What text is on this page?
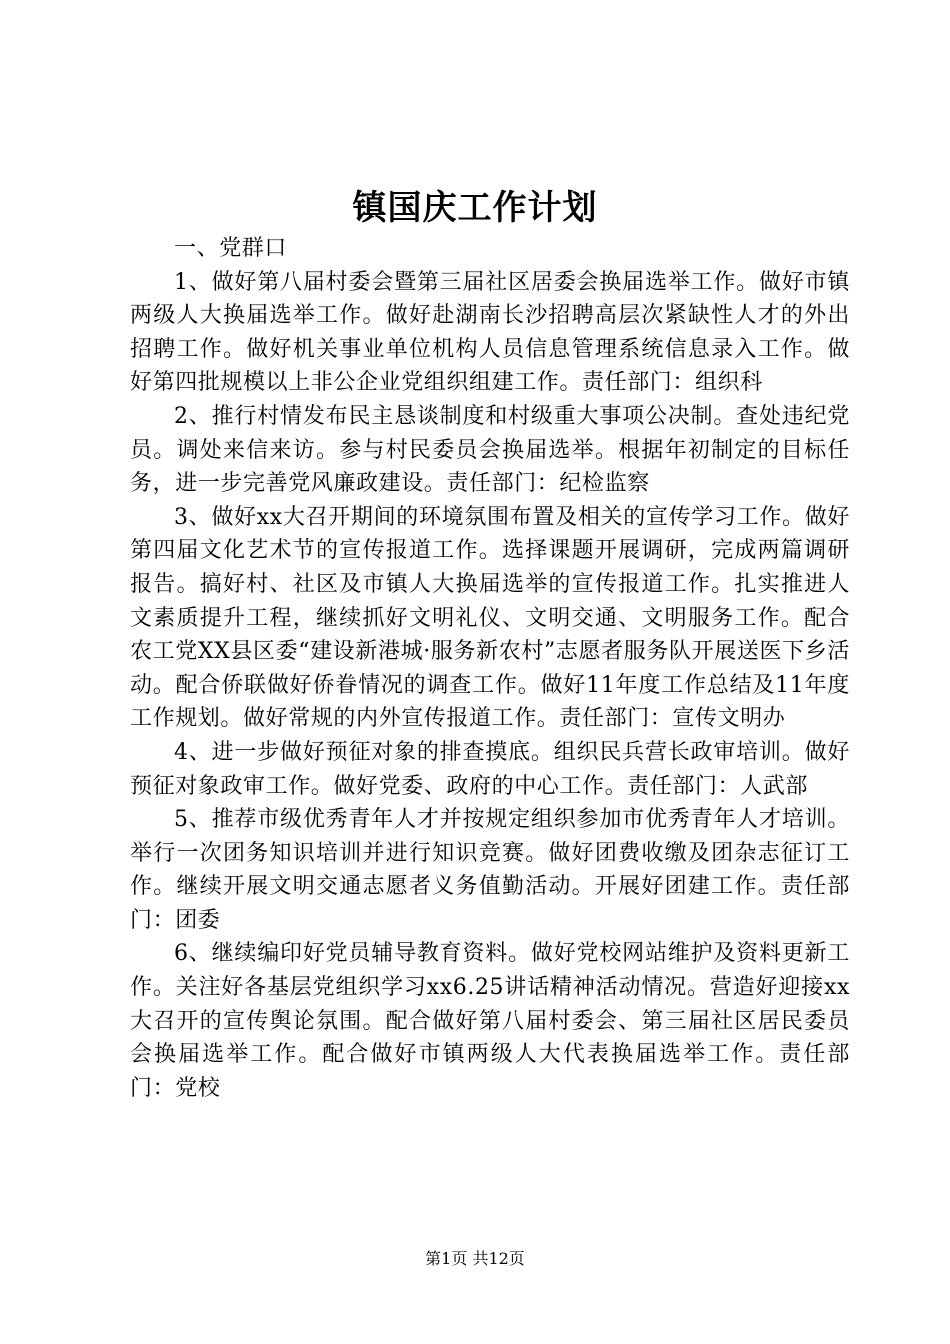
镇国庆工作计划

一、党群口

1、做好第八届村委会暨第三届社区居委会换届选举工作。做好市镇两级人大换届选举工作。做好赴湖南长沙招聘高层次紧缺性人才的外出招聘工作。做好机关事业单位机构人员信息管理系统信息录入工作。做好第四批规模以上非公企业党组织组建工作。责任部门：组织科

2、推行村情发布民主恳谈制度和村级重大事项公决制。查处违纪党员。调处来信来访。参与村民委员会换届选举。根据年初制定的目标任务，进一步完善党风廉政建设。责任部门：纪检监察

3、做好xx大召开期间的环境氛围布置及相关的宣传学习工作。做好第四届文化艺术节的宣传报道工作。选择课题开展调研，完成两篇调研报告。搞好村、社区及市镇人大换届选举的宣传报道工作。扎实推进人文素质提升工程，继续抓好文明礼仪、文明交通、文明服务工作。配合农工党XX县区委“建设新港城·服务新农村”志愿者服务队开展送医下乡活动。配合侨联做好侨眷情况的调查工作。做好11年度工作总结及11年度工作规划。做好常规的内外宣传报道工作。责任部门：宣传文明办

4、进一步做好预征对象的排查摸底。组织民兵营长政审培训。做好预征对象政审工作。做好党委、政府的中心工作。责任部门：人武部

5、推荐市级优秀青年人才并按规定组织参加市优秀青年人才培训。举行一次团务知识培训并进行知识竞赛。做好团费收缴及团杂志征订工作。继续开展文明交通志愿者义务值勤活动。开展好团建工作。责任部门：团委

6、继续编印好党员辅导教育资料。做好党校网站维护及资料更新工作。关注好各基层党组织学习xx6.25讲话精神活动情况。营造好迎接xx大召开的宣传舆论氛围。配合做好第八届村委会、第三届社区居民委员会换届选举工作。配合做好市镇两级人大代表换届选举工作。责任部门：党校

第1页 共12页
